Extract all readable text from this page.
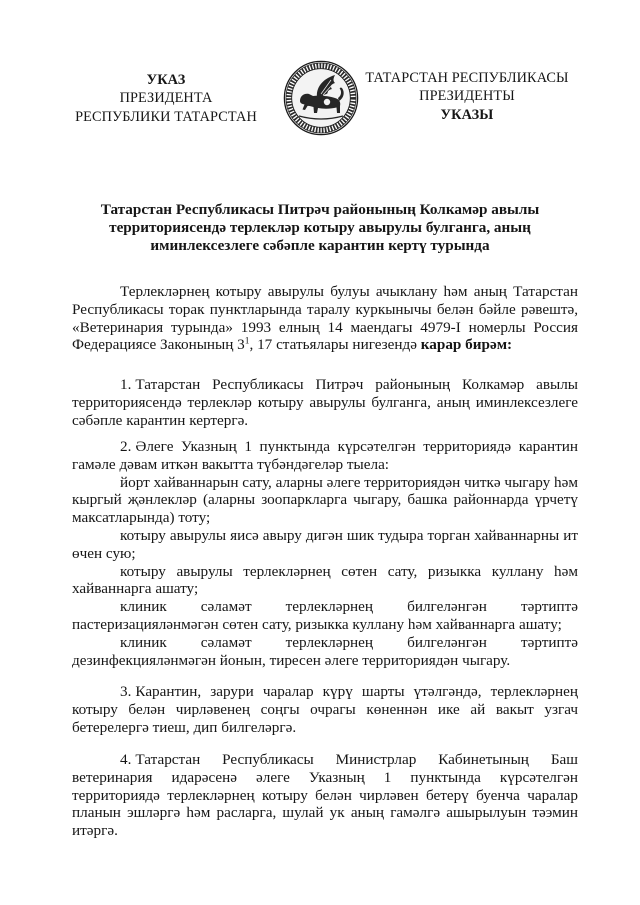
УКАЗ
ПРЕЗИДЕНТА
РЕСПУБЛИКИ ТАТАРСТАН
ТАТАРСТАН РЕСПУБЛИКАСЫ
ПРЕЗИДЕНТЫ
УКАЗЫ
Татарстан Республикасы Питрәч районының Колкамәр авылы
территориясендә терлекләр котыру авырулы булганга, аның
иминлексезлеге сәбәпле карантин кертү турында
Терлекләрнең котыру авырулы булуы ачыклану һәм аның Татарстан
Республикасы торак пунктларында таралу куркынычы белән бәйле рәвештә,
«Ветеринария турында» 1993 елның 14 маендагы 4979-I номерлы Россия
Федерациясе Законының $3^1$, 17 статьялары нигезендә карар бирәм:
1. Татарстан Республикасы Питрәч районының Колкамәр авылы
территориясендә терлекләр котыру авырулы булганга, аның иминлексезлеге
сәбәпле карантин кертергә.
2. Әлеге Указның 1 пунктында күрсәтелгән территориядә карантин
гамәле дәвам иткән вакытта түбәндәгеләр тыела:
йорт хайваннарын сату, аларны әлеге территориядән читкә чыгару һәм
кыргый җәнлекләр (аларны зоопаркларга чыгару, башка районнарда үрчетү
максатларында) тоту;
котыру авырулы яисә авыру дигән шик тудыра торган хайваннарны ит
өчен сую;
котыру авырулы терлекләрнең сөтен сату, ризыкка куллану һәм
хайваннарга ашату;
клиник сәламәт терлекләрнең билгеләнгән тәртиптә
пастеризацияләнмәгән сөтен сату, ризыкка куллану һәм хайваннарга ашату;
клиник сәламәт терлекләрнең билгеләнгән тәртиптә
дезинфекцияләнмәгән йонын, тиресен әлеге территориядән чыгару.
3. Карантин, зарури чаралар күрү шарты үтәлгәндә, терлекләрнең
котыру белән чирләвенең соңгы очрагы көненнән ике ай вакыт узгач
бетерелергә тиеш, дип билгеләргә.
4. Татарстан Республикасы Министрлар Кабинетының Баш
ветеринария идарәсенә әлеге Указның 1 пунктында күрсәтелгән
территориядә терлекләрнең котыру белән чирләвен бетерү буенча чаралар
планын эшләргә һәм расларга, шулай ук аның гамәлгә ашырылуын тәэмин
итәргә.
